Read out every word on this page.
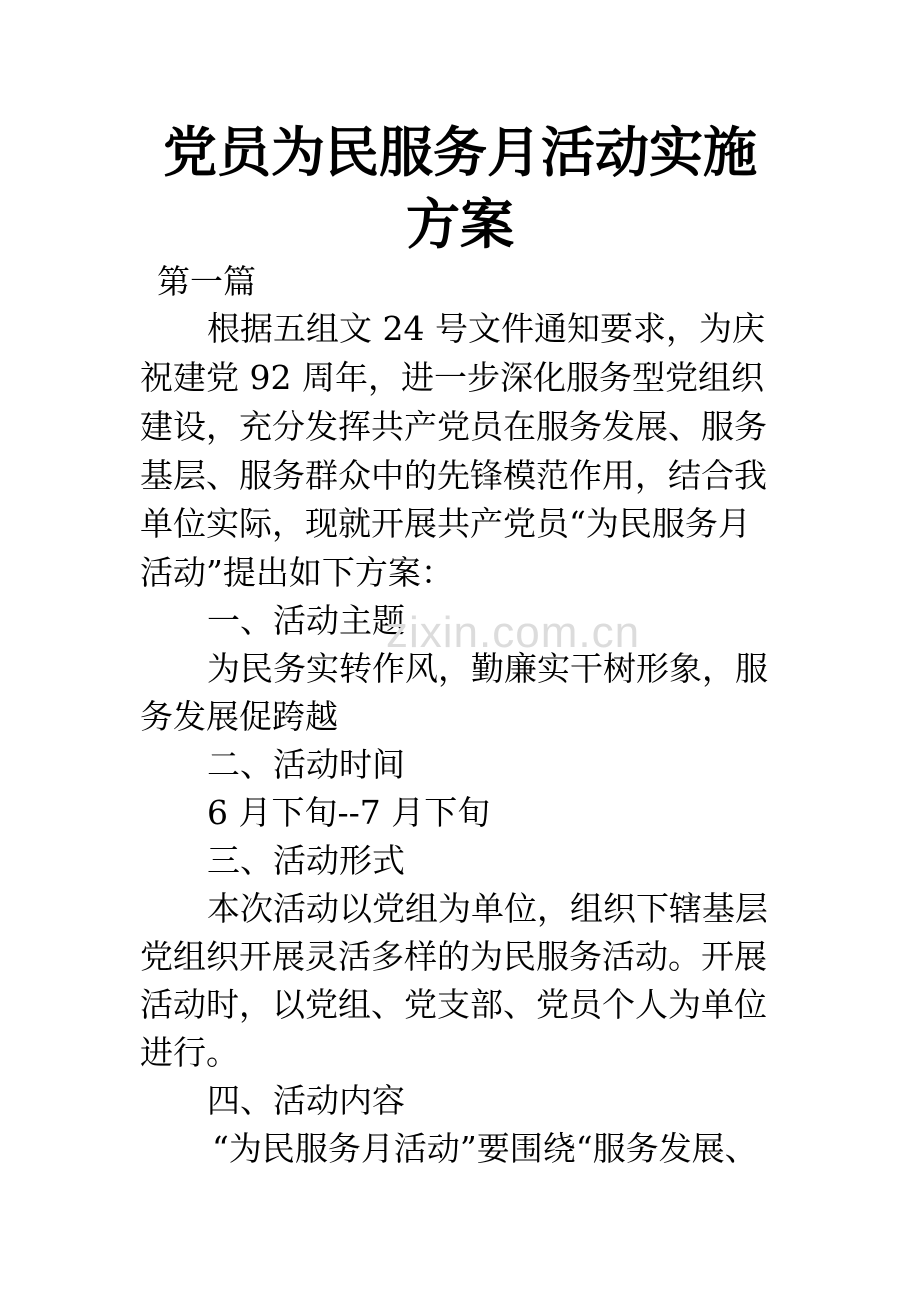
党员为民服务月活动实施
方案

第一篇

根据五组文 24 号文件通知要求，为庆

祝建党 92 周年，进一步深化服务型党组织

建设，充分发挥共产党员在服务发展、服务

基层、服务群众中的先锋模范作用，结合我

单位实际，现就开展共产党员“为民服务月

活动”提出如下方案：

一、活动主题

为民务实转作风，勤廉实干树形象，服

务发展促跨越

二、活动时间

6 月下旬--7 月下旬

三、活动形式

本次活动以党组为单位，组织下辖基层

党组织开展灵活多样的为民服务活动。开展

活动时，以党组、党支部、党员个人为单位

进行。

四、活动内容

“为民服务月活动”要围绕“服务发展、

zixin.com.cn
